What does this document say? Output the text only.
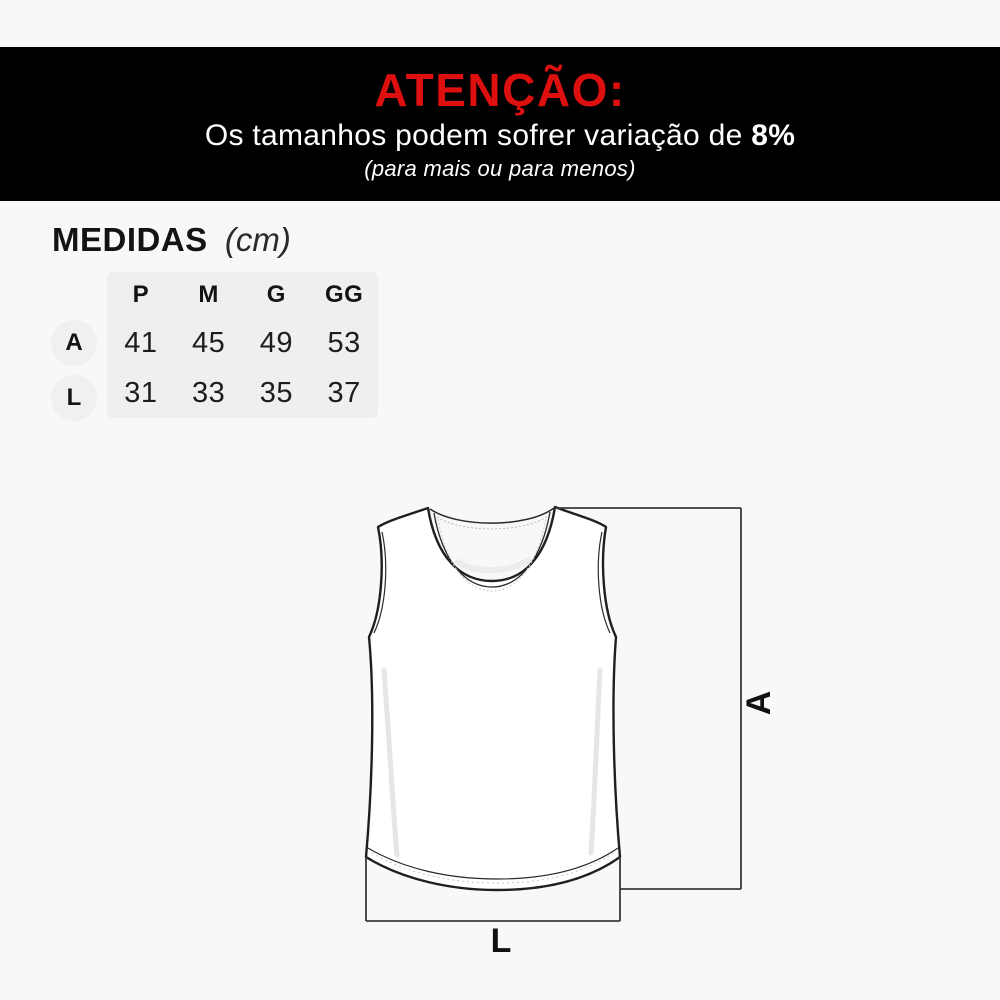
ATENÇÃO:
Os tamanhos podem sofrer variação de 8%
(para mais ou para menos)
MEDIDAS (cm)
A
L
P M G GG
41 45 49 53
31 33 35 37
A
L
